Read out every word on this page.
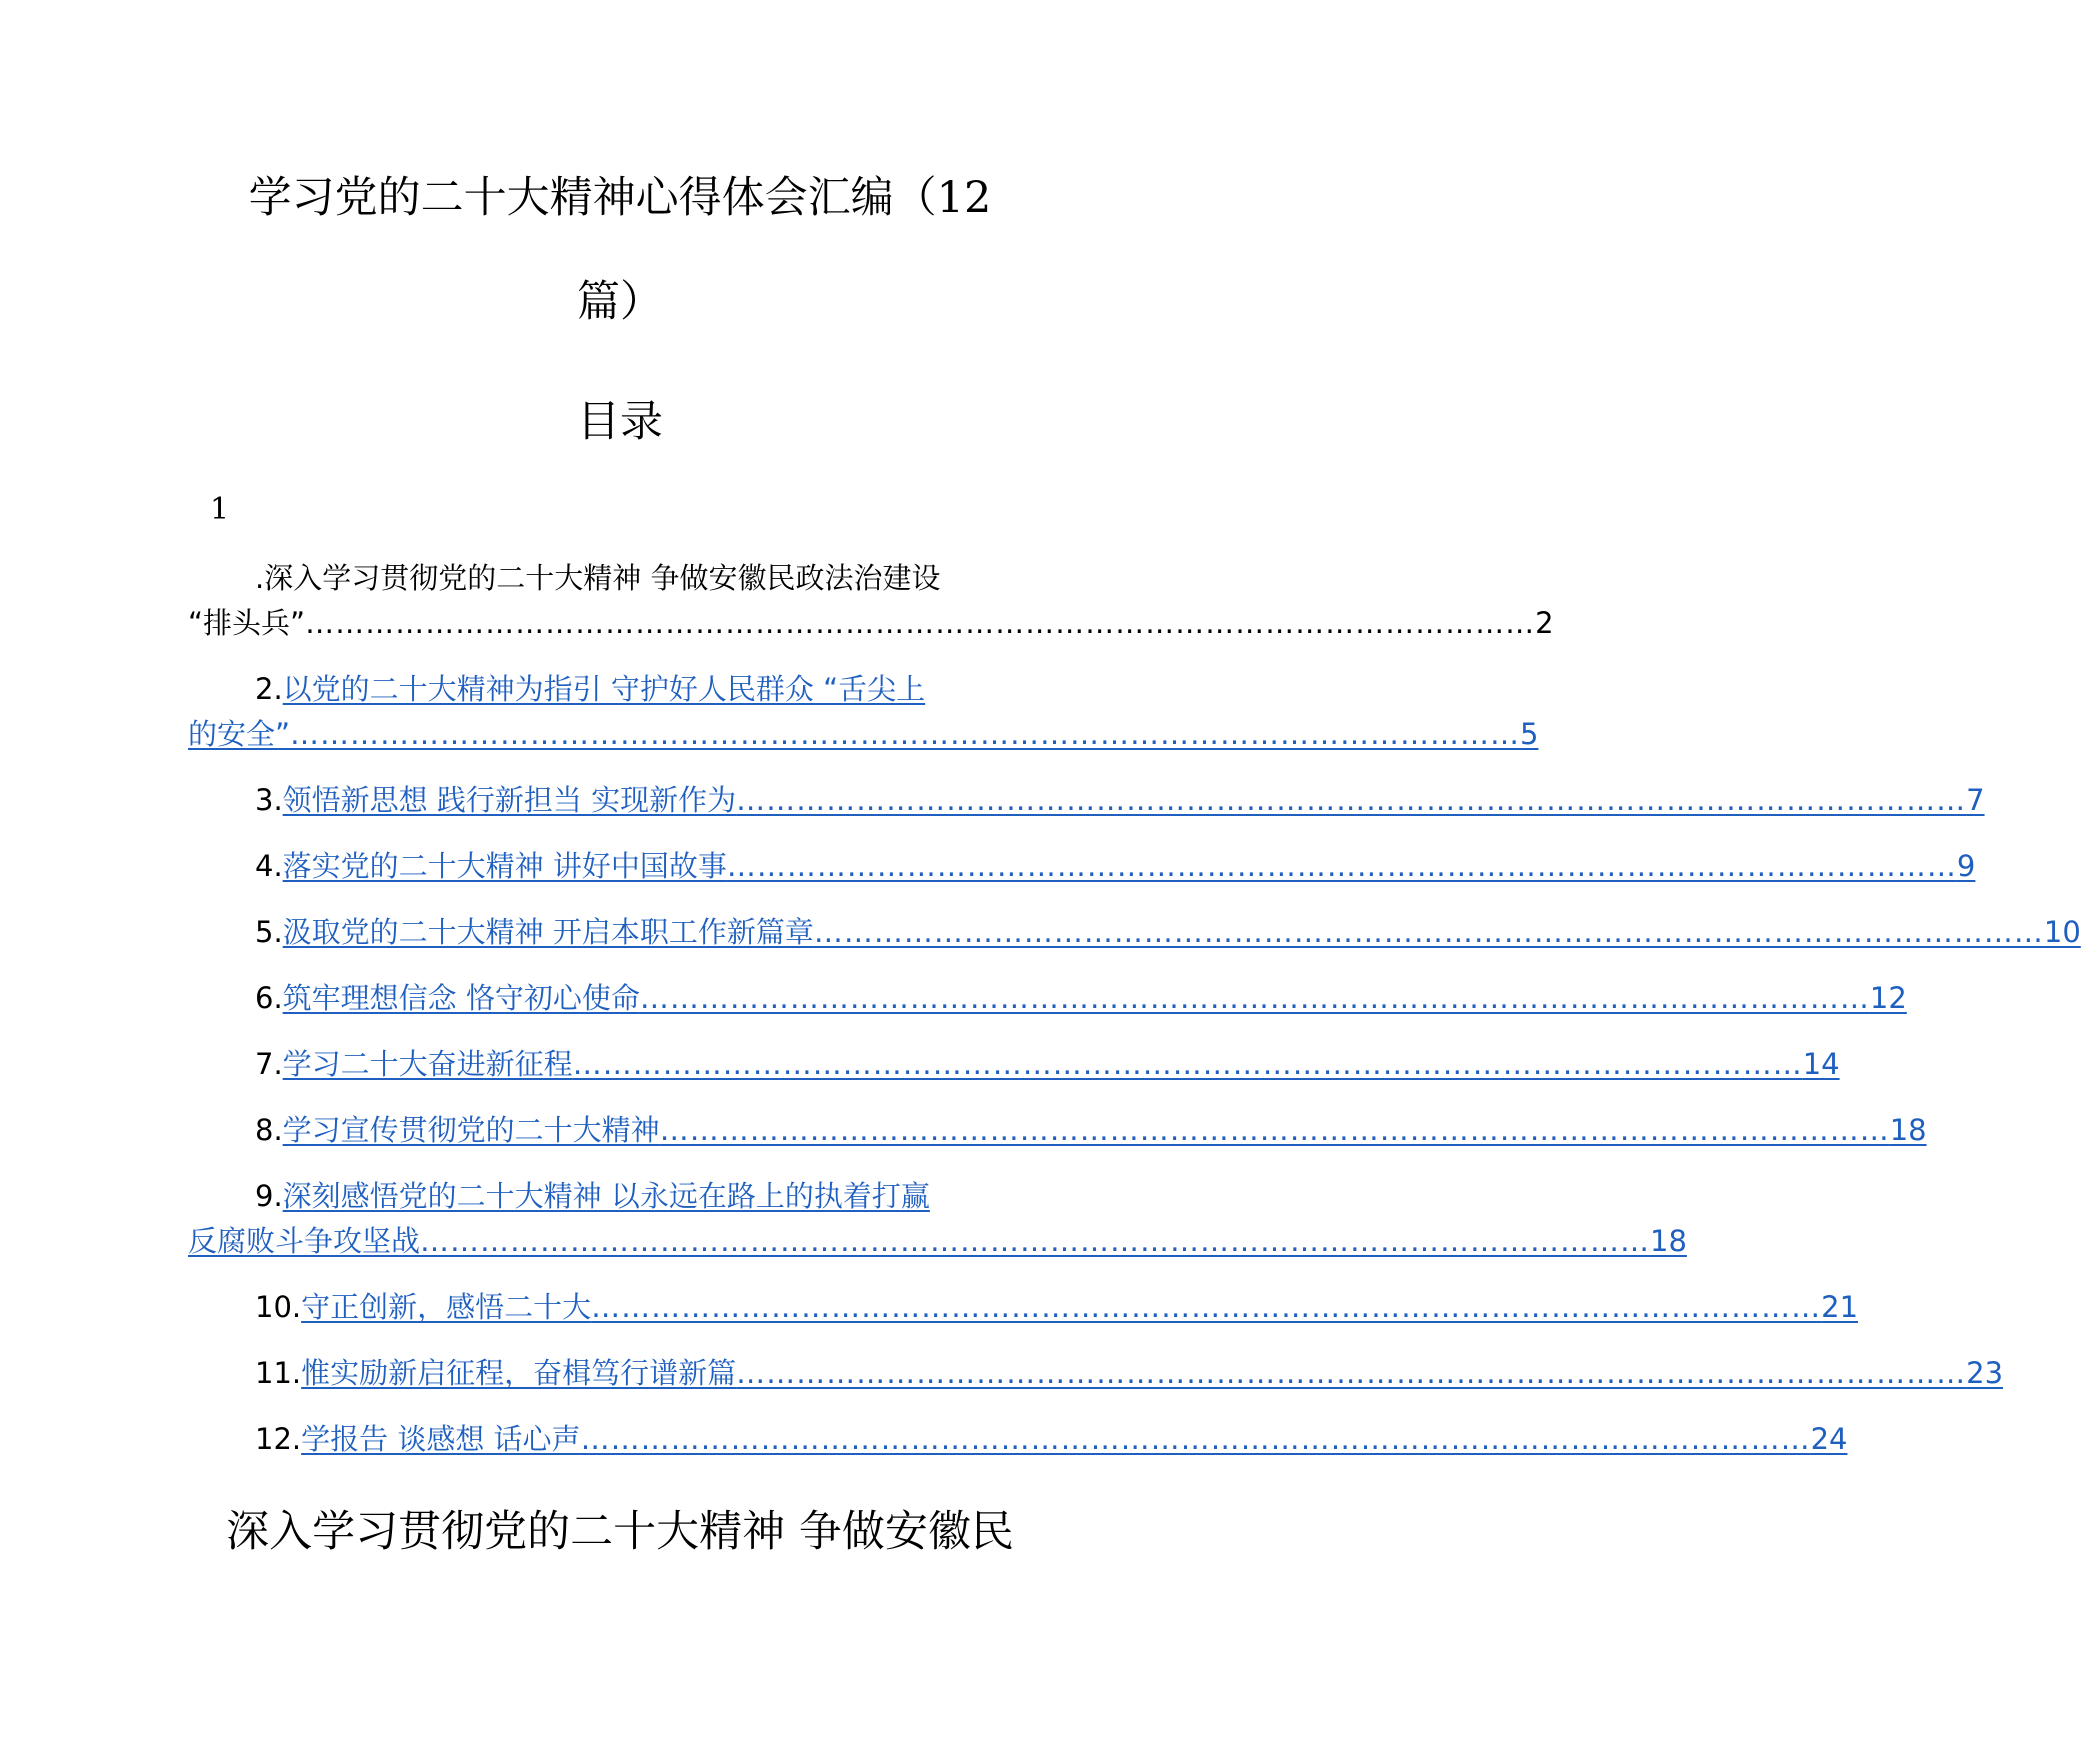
学习党的二十大精神心得体会汇编（12
篇）
目录
1
. 深入学习贯彻党的二十大精神 争做安徽民政法治建设
“排头兵” …………………………………………………………………………………………………………… 2
2. 以党的二十大精神为指引 守护好人民群众 “舌尖上
的安全” …………………………………………………………………………………………………………… 5
3. 领悟新思想 践行新担当 实现新作为 …………………………………………………………………………………………………………… 7
4. 落实党的二十大精神 讲好中国故事 …………………………………………………………………………………………………………… 9
5. 汲取党的二十大精神 开启本职工作新篇章 …………………………………………………………………………………………………………… 10
6. 筑牢理想信念 恪守初心使命 …………………………………………………………………………………………………………… 12
7. 学习二十大奋进新征程 …………………………………………………………………………………………………………… 14
8. 学习宣传贯彻党的二十大精神 …………………………………………………………………………………………………………… 18
9. 深刻感悟党的二十大精神 以永远在路上的执着打赢
反腐败斗争攻坚战 …………………………………………………………………………………………………………… 18
10. 守正创新，感悟二十大 …………………………………………………………………………………………………………… 21
11. 惟实励新启征程，奋楫笃行谱新篇 …………………………………………………………………………………………………………… 23
12. 学报告 谈感想 话心声 …………………………………………………………………………………………………………… 24
深入学习贯彻党的二十大精神 争做安徽民
